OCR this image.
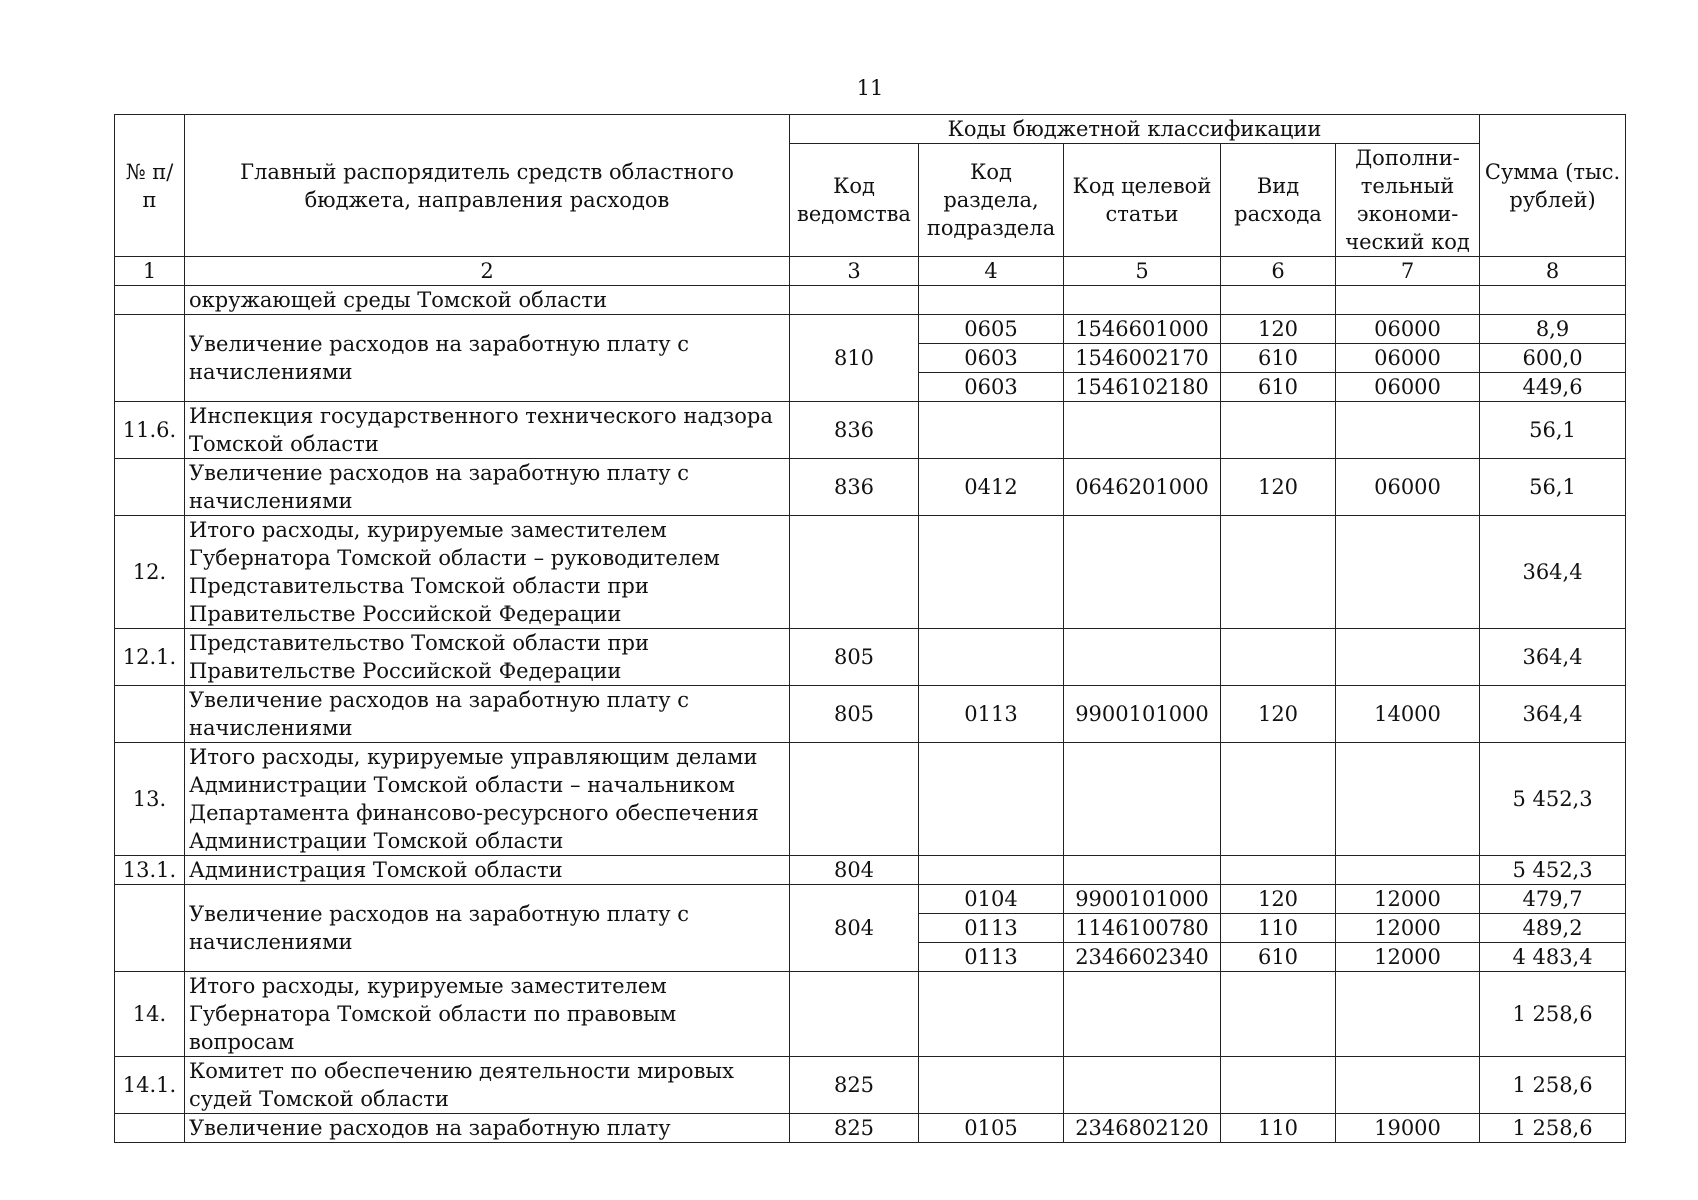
11
№ п/п	Главный распорядитель средств областного бюджета, направления расходов	Коды бюджетной классификации					Сумма (тыс. рублей)
		Код ведомства	Код раздела, подраздела	Код целевой статьи	Вид расхода	Дополни-тельный экономи-ческий код	
1	2	3	4	5	6	7	8
	окружающей среды Томской области						
	Увеличение расходов на заработную плату с начислениями	810	0605	1546601000	120	06000	8,9
			0603	1546002170	610	06000	600,0
			0603	1546102180	610	06000	449,6
11.6.	Инспекция государственного технического надзора Томской области	836					56,1
	Увеличение расходов на заработную плату с начислениями	836	0412	0646201000	120	06000	56,1
12.	Итого расходы, курируемые заместителем Губернатора Томской области – руководителем Представительства Томской области при Правительстве Российской Федерации						364,4
12.1.	Представительство Томской области при Правительстве Российской Федерации	805					364,4
	Увеличение расходов на заработную плату с начислениями	805	0113	9900101000	120	14000	364,4
13.	Итого расходы, курируемые управляющим делами Администрации Томской области – начальником Департамента финансово-ресурсного обеспечения Администрации Томской области						5 452,3
13.1.	Администрация Томской области	804					5 452,3
	Увеличение расходов на заработную плату с начислениями	804	0104	9900101000	120	12000	479,7
			0113	1146100780	110	12000	489,2
			0113	2346602340	610	12000	4 483,4
14.	Итого расходы, курируемые заместителем Губернатора Томской области по правовым вопросам						1 258,6
14.1.	Комитет по обеспечению деятельности мировых судей Томской области	825					1 258,6
	Увеличение расходов на заработную плату	825	0105	2346802120	110	19000	1 258,6
